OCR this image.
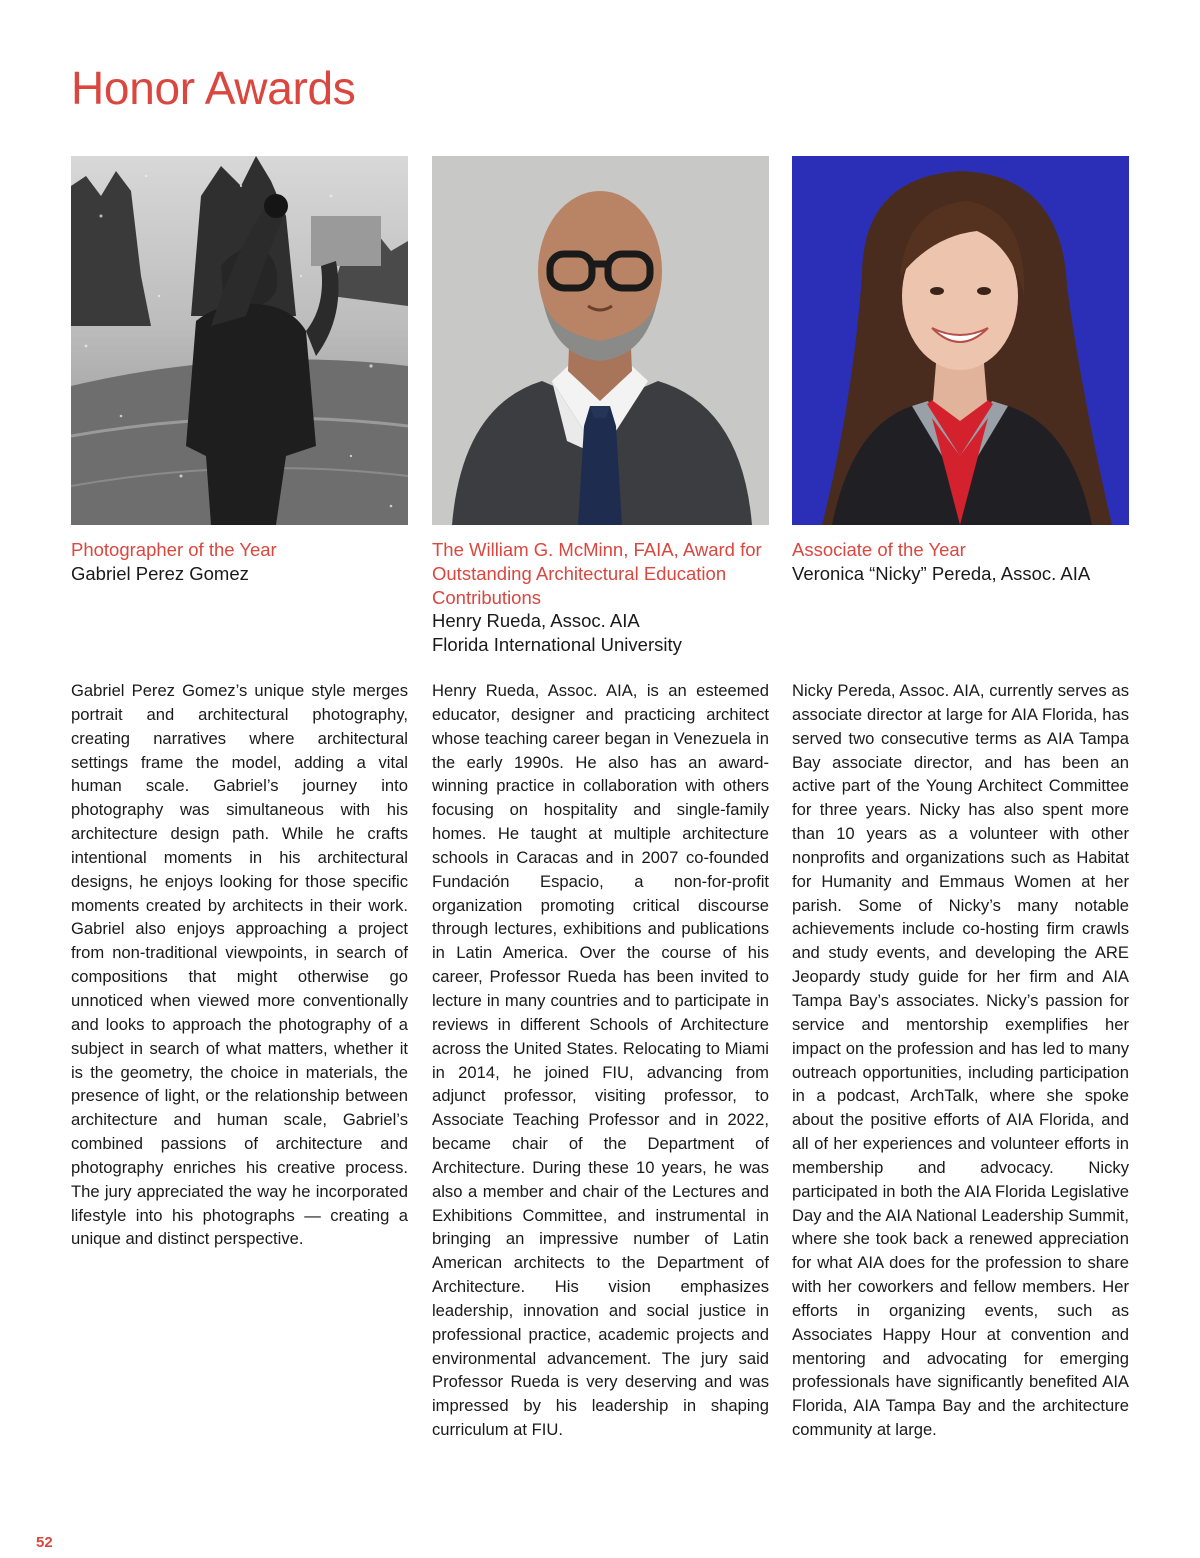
Honor Awards
Photographer of the Year
Gabriel Perez Gomez

Gabriel Perez Gomez’s unique style merges portrait and architectural photography, creating narratives where architectural settings frame the model, adding a vital human scale. Gabriel’s journey into photography was simultaneous with his architecture design path. While he crafts intentional moments in his architectural designs, he enjoys looking for those specific moments created by architects in their work. Gabriel also enjoys approaching a project from non-traditional viewpoints, in search of compositions that might otherwise go unnoticed when viewed more conventionally and looks to approach the photography of a subject in search of what matters, whether it is the geometry, the choice in materials, the presence of light, or the relationship between architecture and human scale, Gabriel’s combined passions of architecture and photography enriches his creative process. The jury appreciated the way he incorporated lifestyle into his photographs — creating a unique and distinct perspective.

The William G. McMinn, FAIA, Award for Outstanding Architectural Education Contributions
Henry Rueda, Assoc. AIA
Florida International University

Henry Rueda, Assoc. AIA, is an esteemed educator, designer and practicing architect whose teaching career began in Venezuela in the early 1990s. He also has an award-winning practice in collaboration with others focusing on hospitality and single-family homes. He taught at multiple architecture schools in Caracas and in 2007 co-founded Fundación Espacio, a non-for-profit organization promoting critical discourse through lectures, exhibitions and publications in Latin America. Over the course of his career, Professor Rueda has been invited to lecture in many countries and to participate in reviews in different Schools of Architecture across the United States. Relocating to Miami in 2014, he joined FIU, advancing from adjunct professor, visiting professor, to Associate Teaching Professor and in 2022, became chair of the Department of Architecture. During these 10 years, he was also a member and chair of the Lectures and Exhibitions Committee, and instrumental in bringing an impressive number of Latin American architects to the Department of Architecture. His vision emphasizes leadership, innovation and social justice in professional practice, academic projects and environmental advancement. The jury said Professor Rueda is very deserving and was impressed by his leadership in shaping curriculum at FIU.

Associate of the Year
Veronica “Nicky” Pereda, Assoc. AIA

Nicky Pereda, Assoc. AIA, currently serves as associate director at large for AIA Florida, has served two consecutive terms as AIA Tampa Bay associate director, and has been an active part of the Young Architect Committee for three years. Nicky has also spent more than 10 years as a volunteer with other nonprofits and organizations such as Habitat for Humanity and Emmaus Women at her parish. Some of Nicky’s many notable achievements include co-hosting firm crawls and study events, and developing the ARE Jeopardy study guide for her firm and AIA Tampa Bay’s associates. Nicky’s passion for service and mentorship exemplifies her impact on the profession and has led to many outreach opportunities, including participation in a podcast, ArchTalk, where she spoke about the positive efforts of AIA Florida, and all of her experiences and volunteer efforts in membership and advocacy. Nicky participated in both the AIA Florida Legislative Day and the AIA National Leadership Summit, where she took back a renewed appreciation for what AIA does for the profession to share with her coworkers and fellow members. Her efforts in organizing events, such as Associates Happy Hour at convention and mentoring and advocating for emerging professionals have significantly benefited AIA Florida, AIA Tampa Bay and the architecture community at large.

52
